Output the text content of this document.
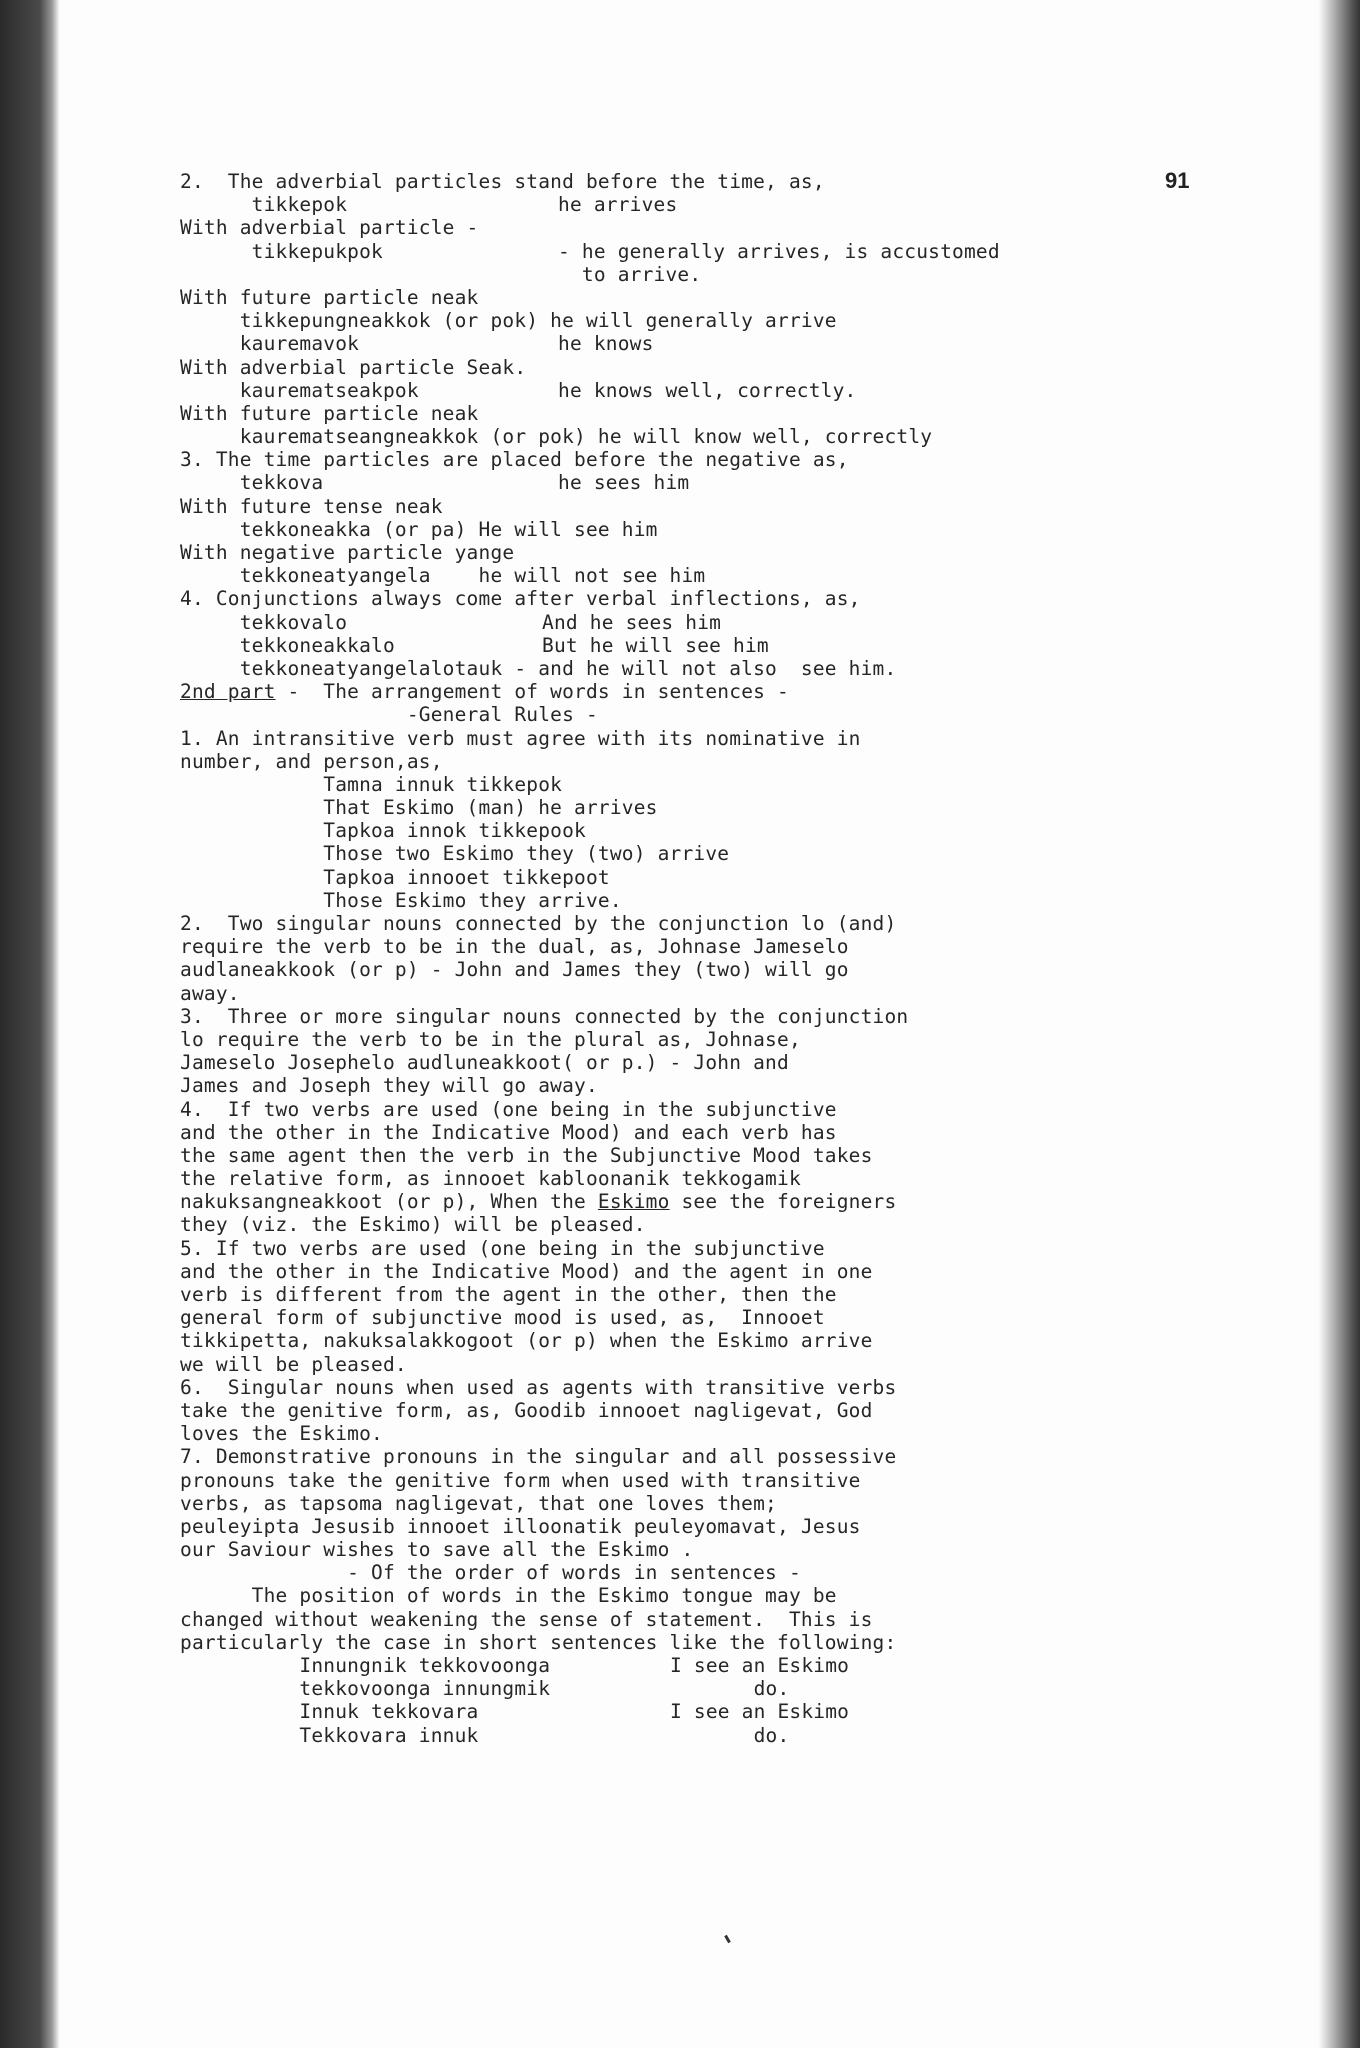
91
2.  The adverbial particles stand before the time, as,
tikkepok	he arrives
With adverbial particle -
tikkepukpok	- he generally arrives, is accustomed
to arrive.
With future particle neak
tikkepungneakkok (or pok) he will generally arrive
kauremavok	he knows
With adverbial particle Seak.
kaurematseakpok	he knows well, correctly.
With future particle neak
kaurematseangneakkok (or pok) he will know well, correctly
3. The time particles are placed before the negative as,
tekkova	he sees him
With future tense neak
tekkoneakka (or pa) He will see him
With negative particle yange
tekkoneatyangela    he will not see him
4. Conjunctions always come after verbal inflections, as,
tekkovalo	And he sees him
tekkoneakkalo	But he will see him
tekkoneatyangelalotauk - and he will not also  see him.
2nd part -  The arrangement of words in sentences -
-General Rules -
1. An intransitive verb must agree with its nominative in
number, and person,as,
Tamna innuk tikkepok
That Eskimo (man) he arrives
Tapkoa innok tikkepook
Those two Eskimo they (two) arrive
Tapkoa innooet tikkepoot
Those Eskimo they arrive.
2.  Two singular nouns connected by the conjunction lo (and)
require the verb to be in the dual, as, Johnase Jameselo
audlaneakkook (or p) - John and James they (two) will go
away.
3.  Three or more singular nouns connected by the conjunction
lo require the verb to be in the plural as, Johnase,
Jameselo Josephelo audluneakkoot( or p.) - John and
James and Joseph they will go away.
4.  If two verbs are used (one being in the subjunctive
and the other in the Indicative Mood) and each verb has
the same agent then the verb in the Subjunctive Mood takes
the relative form, as innooet kabloonanik tekkogamik
nakuksangneakkoot (or p), When the Eskimo see the foreigners
they (viz. the Eskimo) will be pleased.
5. If two verbs are used (one being in the subjunctive
and the other in the Indicative Mood) and the agent in one
verb is different from the agent in the other, then the
general form of subjunctive mood is used, as,  Innooet
tikkipetta, nakuksalakkogoot (or p) when the Eskimo arrive
we will be pleased.
6.  Singular nouns when used as agents with transitive verbs
take the genitive form, as, Goodib innooet nagligevat, God
loves the Eskimo.
7. Demonstrative pronouns in the singular and all possessive
pronouns take the genitive form when used with transitive
verbs, as tapsoma nagligevat, that one loves them;
peuleyipta Jesusib innooet illoonatik peuleyomavat, Jesus
our Saviour wishes to save all the Eskimo .
- Of the order of words in sentences -
The position of words in the Eskimo tongue may be
changed without weakening the sense of statement.  This is
particularly the case in short sentences like the following:
Innungnik tekkovoonga	I see an Eskimo
tekkovoonga innungmik	do.
Innuk tekkovara	I see an Eskimo
Tekkovara innuk	do.
